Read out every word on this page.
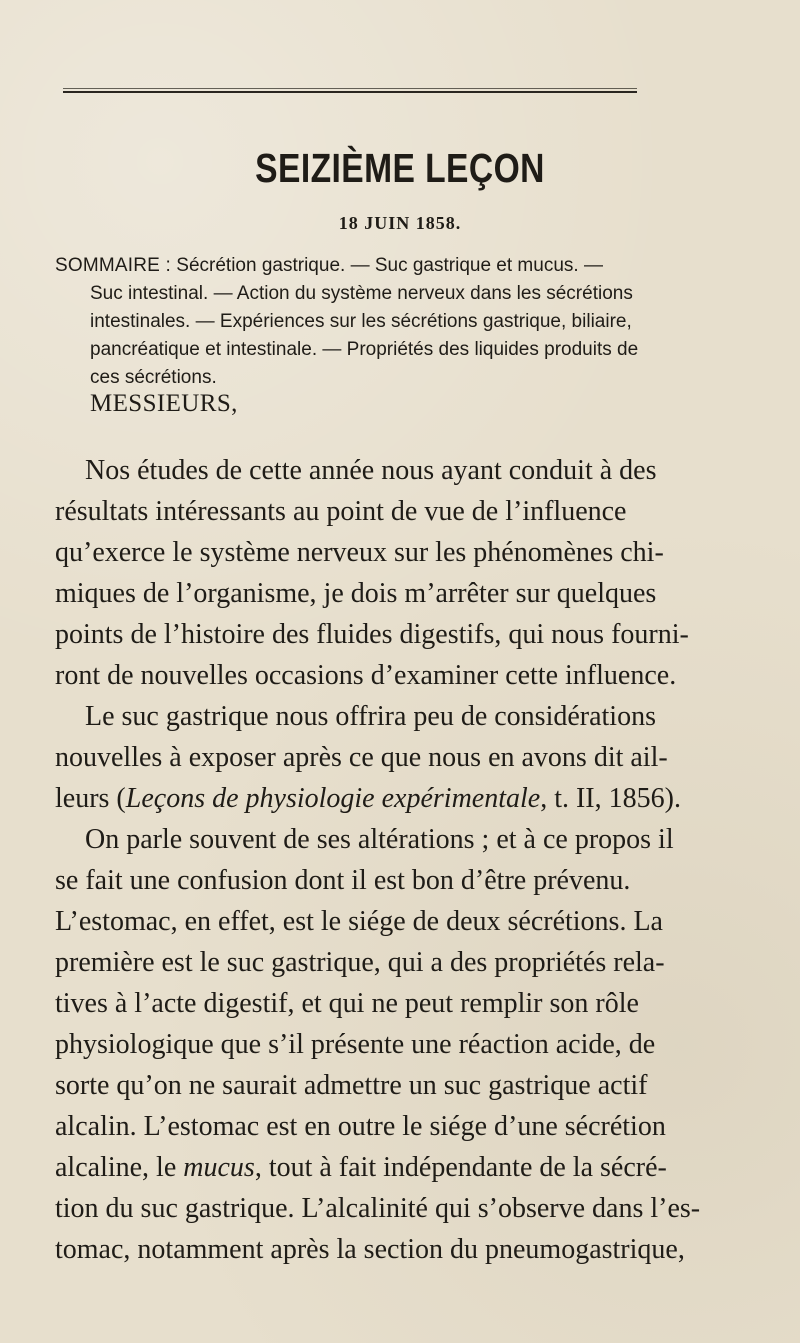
SEIZIÈME LEÇON
18 JUIN 1858.
SOMMAIRE : Sécrétion gastrique. — Suc gastrique et mucus. —
Suc intestinal. — Action du système nerveux dans les sécrétions
intestinales. — Expériences sur les sécrétions gastrique, biliaire,
pancréatique et intestinale. — Propriétés des liquides produits de
ces sécrétions.
MESSIEURS,
Nos études de cette année nous ayant conduit à des
résultats intéressants au point de vue de l’influence
qu’exerce le système nerveux sur les phénomènes chi-
miques de l’organisme, je dois m’arrêter sur quelques
points de l’histoire des fluides digestifs, qui nous fourni-
ront de nouvelles occasions d’examiner cette influence.
Le suc gastrique nous offrira peu de considérations
nouvelles à exposer après ce que nous en avons dit ail-
leurs (Leçons de physiologie expérimentale, t. II, 1856).
On parle souvent de ses altérations ; et à ce propos il
se fait une confusion dont il est bon d’être prévenu.
L’estomac, en effet, est le siége de deux sécrétions. La
première est le suc gastrique, qui a des propriétés rela-
tives à l’acte digestif, et qui ne peut remplir son rôle
physiologique que s’il présente une réaction acide, de
sorte qu’on ne saurait admettre un suc gastrique actif
alcalin. L’estomac est en outre le siége d’une sécrétion
alcaline, le mucus, tout à fait indépendante de la sécré-
tion du suc gastrique. L’alcalinité qui s’observe dans l’es-
tomac, notamment après la section du pneumogastrique,
